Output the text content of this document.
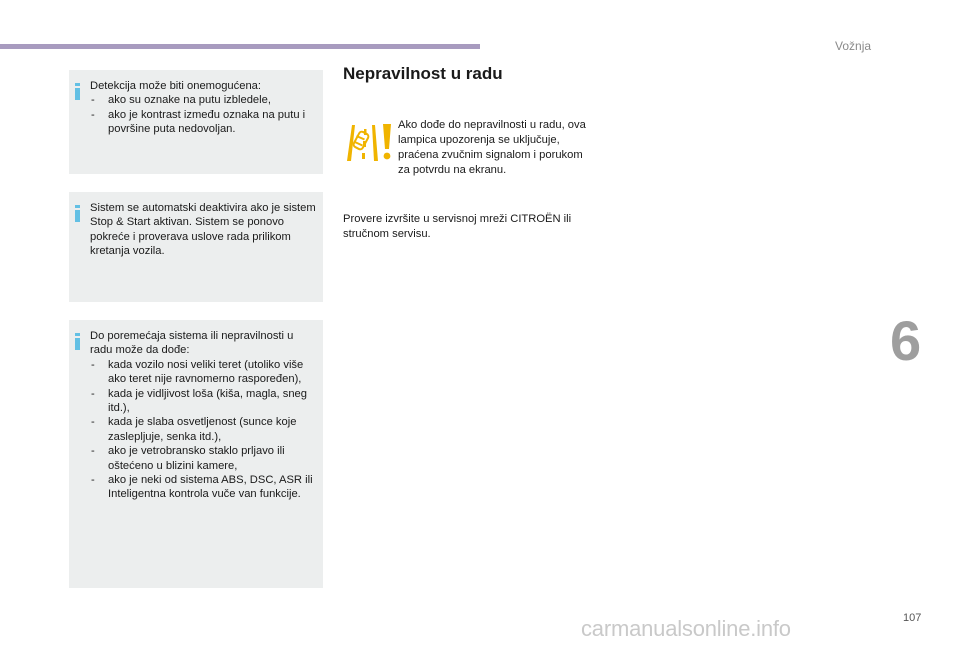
Vožnja
6

Detekcija može biti onemogućena:

- ako su oznake na putu izbledele,
- ako je kontrast između oznaka na putu i površine puta nedovoljan.

Sistem se automatski deaktivira ako je sistem Stop & Start aktivan. Sistem se ponovo pokreće i proverava uslove rada prilikom kretanja vozila.

Do poremećaja sistema ili nepravilnosti u radu može da dođe:

- kada vozilo nosi veliki teret (utoliko više ako teret nije ravnomerno raspoređen),
- kada je vidljivost loša (kiša, magla, sneg itd.),
- kada je slaba osvetljenost (sunce koje zaslepljuje, senka itd.),
- ako je vetrobransko staklo prljavo ili oštećeno u blizini kamere,
- ako je neki od sistema ABS, DSC, ASR ili Inteligentna kontrola vuče van funkcije.
Nepravilnost u radu
Ako dođe do nepravilnosti u radu, ova lampica upozorenja se uključuje, praćena zvučnim signalom i porukom za potvrdu na ekranu.
Provere izvršite u servisnoj mreži CITROËN ili stručnom servisu.
107
carmanualsonline.info
